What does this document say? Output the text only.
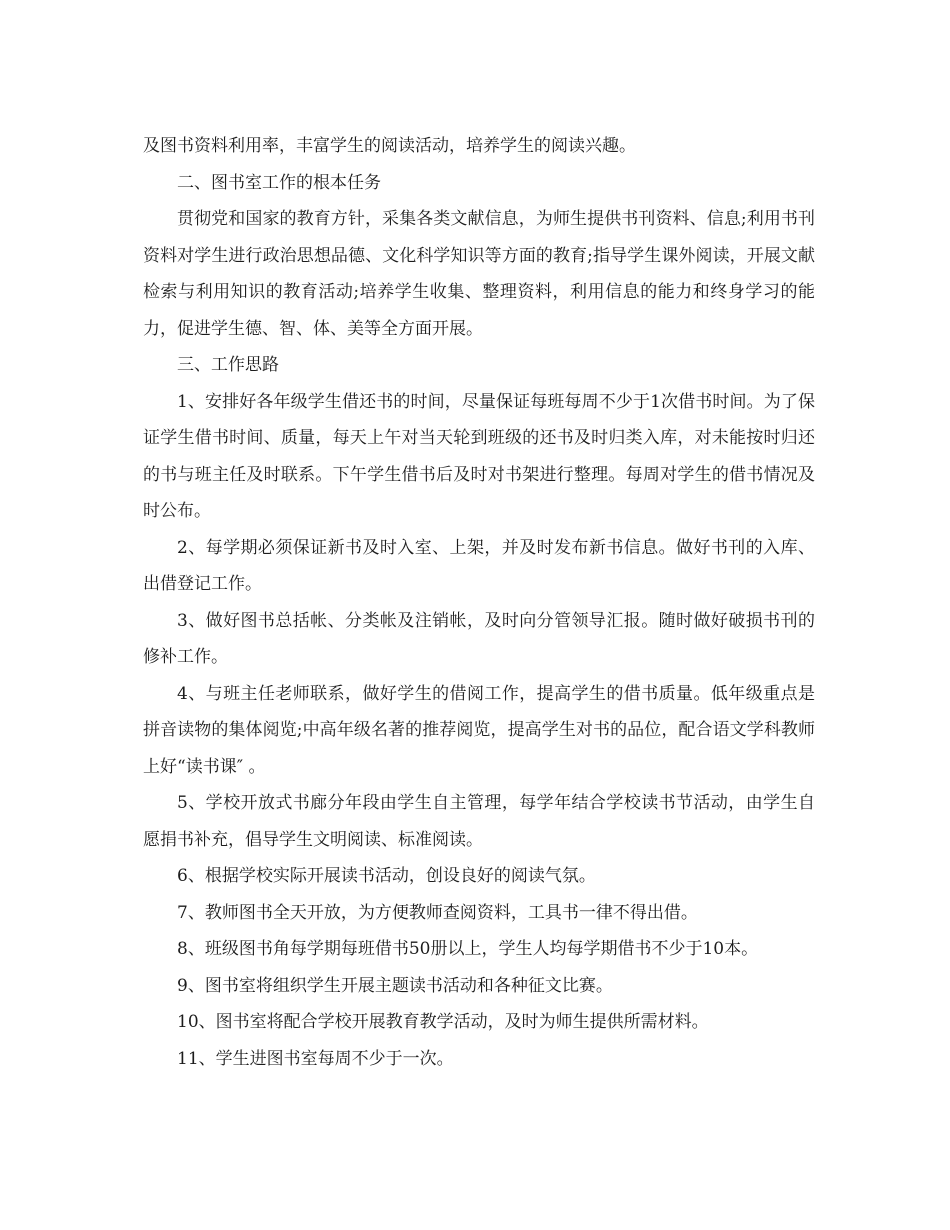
及图书资料利用率，丰富学生的阅读活动，培养学生的阅读兴趣。

二、图书室工作的根本任务

贯彻党和国家的教育方针，采集各类文献信息，为师生提供书刊资料、信息;利用书刊资料对学生进行政治思想品德、文化科学知识等方面的教育;指导学生课外阅读，开展文献检索与利用知识的教育活动;培养学生收集、整理资料，利用信息的能力和终身学习的能力，促进学生德、智、体、美等全方面开展。

三、工作思路

1、安排好各年级学生借还书的时间，尽量保证每班每周不少于1次借书时间。为了保证学生借书时间、质量，每天上午对当天轮到班级的还书及时归类入库，对未能按时归还的书与班主任及时联系。下午学生借书后及时对书架进行整理。每周对学生的借书情况及时公布。

2、每学期必须保证新书及时入室、上架，并及时发布新书信息。做好书刊的入库、出借登记工作。

3、做好图书总括帐、分类帐及注销帐，及时向分管领导汇报。随时做好破损书刊的修补工作。

4、与班主任老师联系，做好学生的借阅工作，提高学生的借书质量。低年级重点是拼音读物的集体阅览;中高年级名著的推荐阅览，提高学生对书的品位，配合语文学科教师上好“读书课″ 。

5、学校开放式书廊分年段由学生自主管理，每学年结合学校读书节活动，由学生自愿捐书补充，倡导学生文明阅读、标准阅读。

6、根据学校实际开展读书活动，创设良好的阅读气氛。

7、教师图书全天开放，为方便教师查阅资料，工具书一律不得出借。

8、班级图书角每学期每班借书50册以上，学生人均每学期借书不少于10本。

9、图书室将组织学生开展主题读书活动和各种征文比赛。

10、图书室将配合学校开展教育教学活动，及时为师生提供所需材料。

11、学生进图书室每周不少于一次。
